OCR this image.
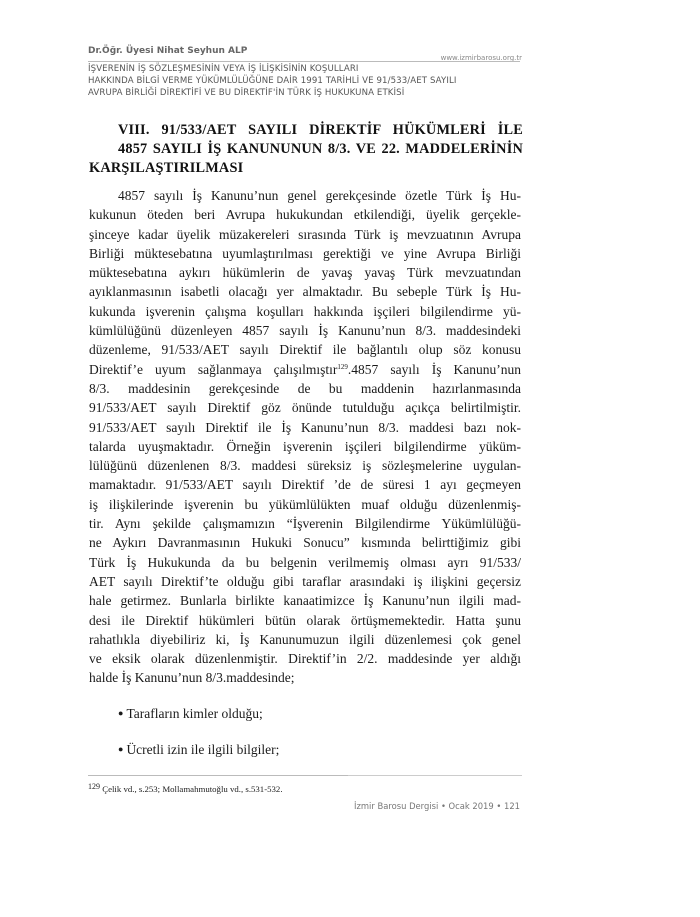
Dr.Öğr. Üyesi Nihat Seyhun ALP
www.izmirbarosu.org.tr
İŞVERENİN İŞ SÖZLEŞMESİNİN VEYA İŞ İLİŞKİSİNİN KOŞULLARI
HAKKINDA BİLGİ VERME YÜKÜMLÜLÜĞÜNE DAİR 1991 TARİHLİ VE 91/533/AET SAYILI
AVRUPA BİRLİĞİ DİREKTİFİ VE BU DİREKTİF'İN TÜRK İŞ HUKUKUNA ETKİSİ
VIII. 91/533/AET SAYILI DİREKTİF HÜKÜMLERİ İLE
4857 SAYILI İŞ KANUNUNUN 8/3. VE 22. MADDELERİNİN
KARŞILAŞTIRILMASI
4857 sayılı İş Kanunu’nun genel gerekçesinde özetle Türk İş Hu-
kukunun öteden beri Avrupa hukukundan etkilendiği, üyelik gerçekle-
şinceye kadar üyelik müzakereleri sırasında Türk iş mevzuatının Avrupa
Birliği müktesebatına uyumlaştırılması gerektiği ve yine Avrupa Birliği
müktesebatına aykırı hükümlerin de yavaş yavaş Türk mevzuatından
ayıklanmasının isabetli olacağı yer almaktadır. Bu sebeple Türk İş Hu-
kukunda işverenin çalışma koşulları hakkında işçileri bilgilendirme yü-
kümlülüğünü düzenleyen 4857 sayılı İş Kanunu’nun 8/3. maddesindeki
düzenleme, 91/533/AET sayılı Direktif ile bağlantılı olup söz konusu
Direktif’e uyum sağlanmaya çalışılmıştır$^{129}$.4857 sayılı İş Kanunu’nun
8/3. maddesinin gerekçesinde de bu maddenin hazırlanmasında
91/533/AET sayılı Direktif göz önünde tutulduğu açıkça belirtilmiştir.
91/533/AET sayılı Direktif ile İş Kanunu’nun 8/3. maddesi bazı nok-
talarda uyuşmaktadır. Örneğin işverenin işçileri bilgilendirme yüküm-
lülüğünü düzenlenen 8/3. maddesi süreksiz iş sözleşmelerine uygulan-
mamaktadır. 91/533/AET sayılı Direktif ’de de süresi 1 ayı geçmeyen
iş ilişkilerinde işverenin bu yükümlülükten muaf olduğu düzenlenmiş-
tir. Aynı şekilde çalışmamızın “İşverenin Bilgilendirme Yükümlülüğü-
ne Aykırı Davranmasının Hukuki Sonucu” kısmında belirttiğimiz gibi
Türk İş Hukukunda da bu belgenin verilmemiş olması ayrı 91/533/
AET sayılı Direktif’te olduğu gibi taraflar arasındaki iş ilişkini geçersiz
hale getirmez. Bunlarla birlikte kanaatimizce İş Kanunu’nun ilgili mad-
desi ile Direktif hükümleri bütün olarak örtüşmemektedir. Hatta şunu
rahatlıkla diyebiliriz ki, İş Kanunumuzun ilgili düzenlemesi çok genel
ve eksik olarak düzenlenmiştir. Direktif’in 2/2. maddesinde yer aldığı
halde İş Kanunu’nun 8/3.maddesinde;
● Tarafların kimler olduğu;
● Ücretli izin ile ilgili bilgiler;
$^{129}$ Çelik vd., s.253; Mollamahmutoğlu vd., s.531-532.
İzmir Barosu Dergisi • Ocak 2019 • 121
